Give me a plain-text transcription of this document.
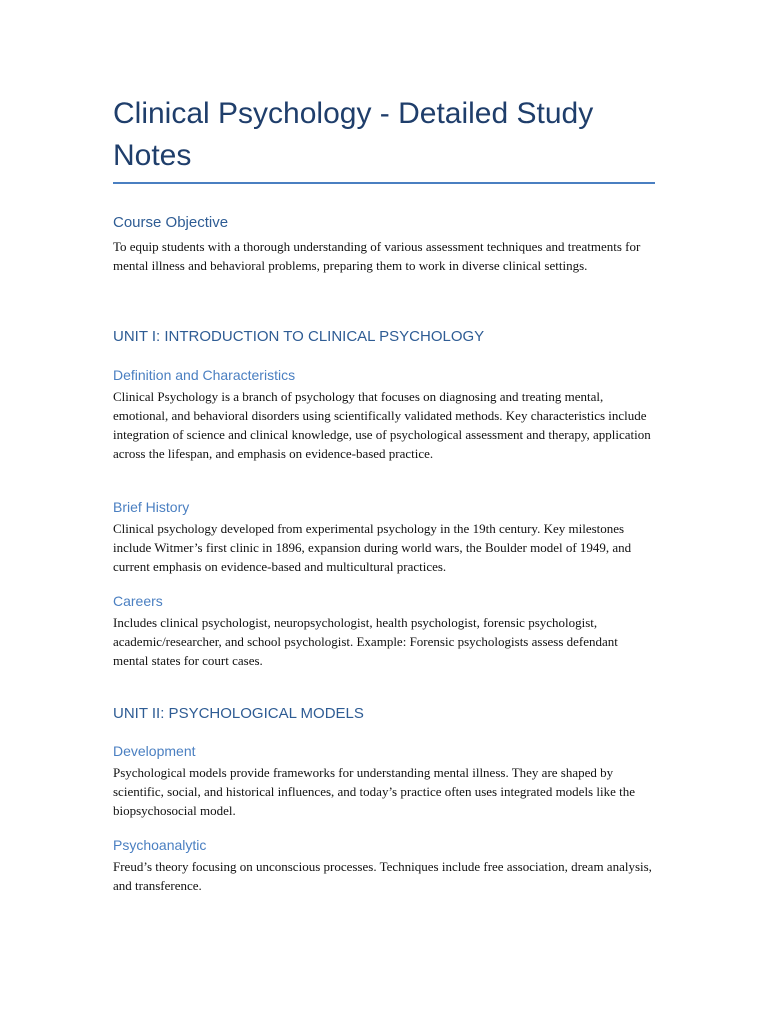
Clinical Psychology - Detailed Study Notes
Course Objective

To equip students with a thorough understanding of various assessment techniques and treatments for mental illness and behavioral problems, preparing them to work in diverse clinical settings.

UNIT I: INTRODUCTION TO CLINICAL PSYCHOLOGY
Definition and Characteristics

Clinical Psychology is a branch of psychology that focuses on diagnosing and treating mental, emotional, and behavioral disorders using scientifically validated methods. Key characteristics include integration of science and clinical knowledge, use of psychological assessment and therapy, application across the lifespan, and emphasis on evidence-based practice.

Brief History

Clinical psychology developed from experimental psychology in the 19th century. Key milestones include Witmer’s first clinic in 1896, expansion during world wars, the Boulder model of 1949, and current emphasis on evidence-based and multicultural practices.

Careers

Includes clinical psychologist, neuropsychologist, health psychologist, forensic psychologist, academic/researcher, and school psychologist. Example: Forensic psychologists assess defendant mental states for court cases.

UNIT II: PSYCHOLOGICAL MODELS
Development

Psychological models provide frameworks for understanding mental illness. They are shaped by scientific, social, and historical influences, and today’s practice often uses integrated models like the biopsychosocial model.

Psychoanalytic

Freud’s theory focusing on unconscious processes. Techniques include free association, dream analysis, and transference.
